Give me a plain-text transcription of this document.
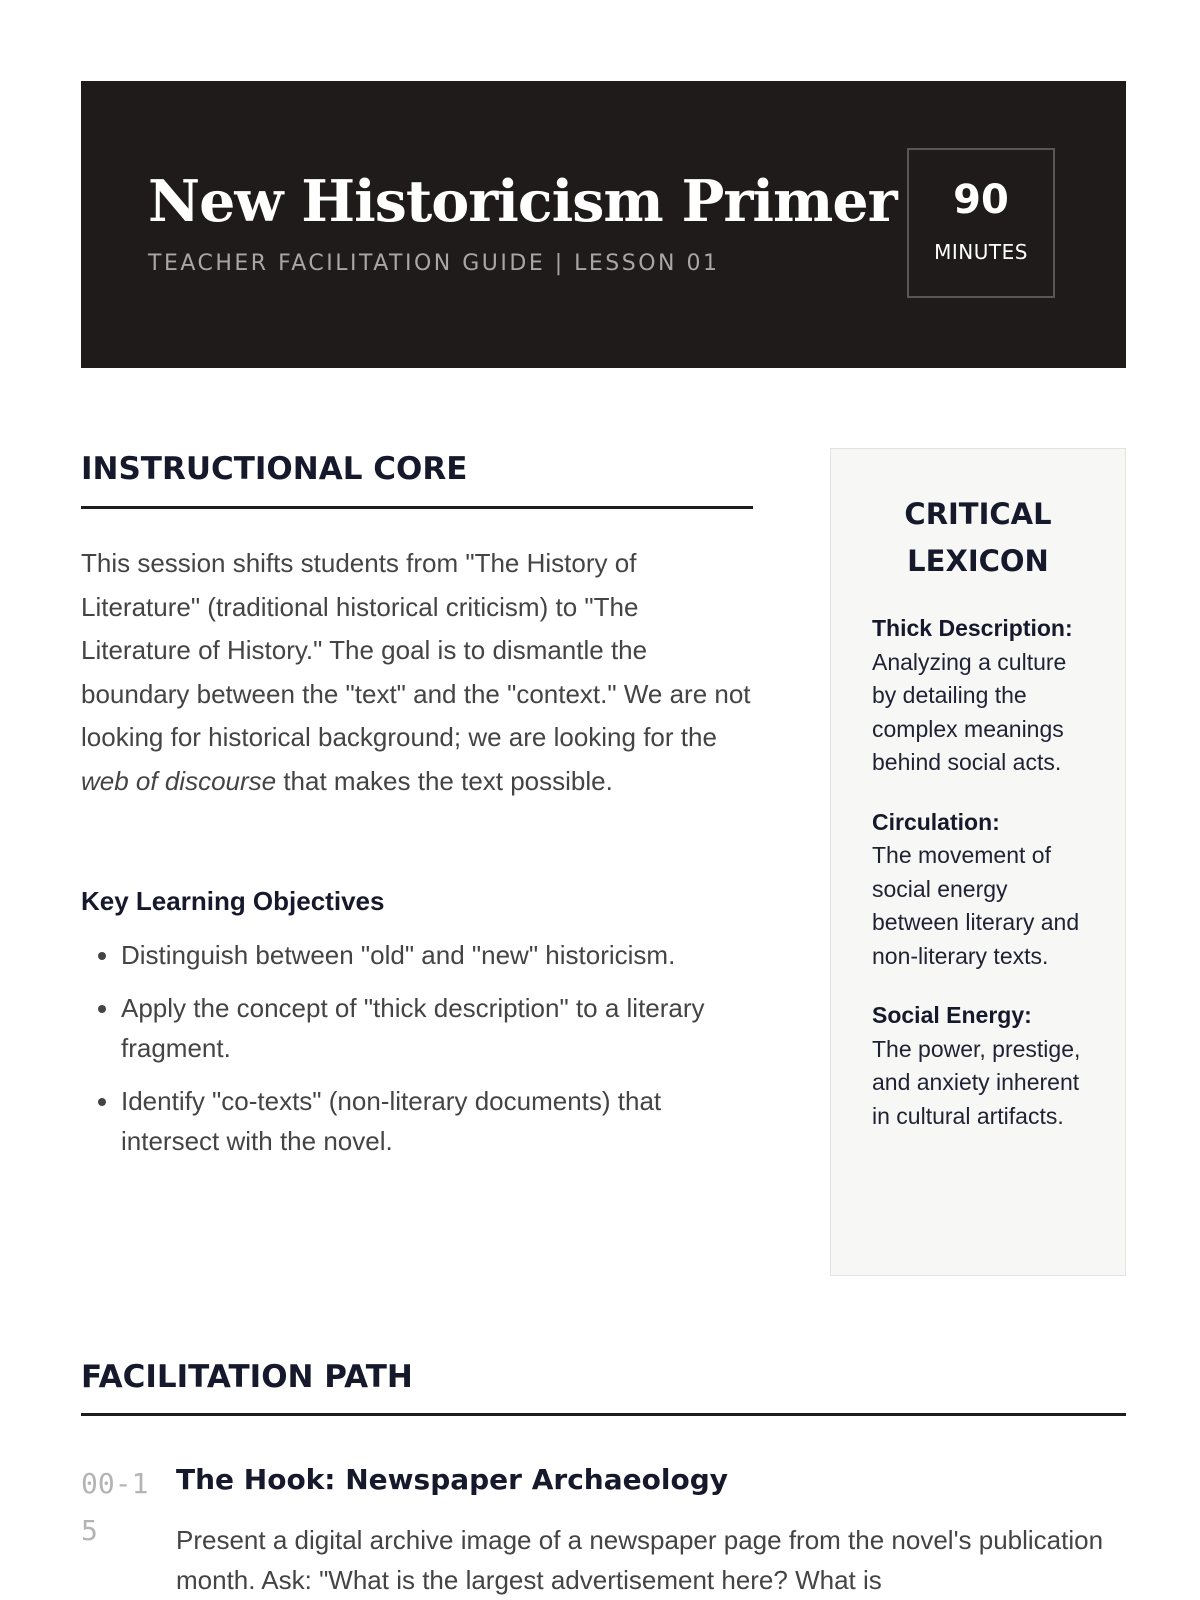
New Historicism Primer
TEACHER FACILITATION GUIDE | LESSON 01
90
MINUTES
INSTRUCTIONAL CORE

This session shifts students from "The History of Literature" (traditional historical criticism) to "The Literature of History." The goal is to dismantle the boundary between the "text" and the "context." We are not looking for historical background; we are looking for the web of discourse that makes the text possible.

Key Learning Objectives
• Distinguish between "old" and "new" historicism.
• Apply the concept of "thick description" to a literary fragment.
• Identify "co-texts" (non-literary documents) that intersect with the novel.
CRITICAL LEXICON

Thick Description:
Analyzing a culture by detailing the complex meanings behind social acts.

Circulation:
The movement of social energy between literary and non-literary texts.

Social Energy:
The power, prestige, and anxiety inherent in cultural artifacts.

FACILITATION PATH
00-15
The Hook: Newspaper Archaeology

Present a digital archive image of a newspaper page from the novel's publication month. Ask: "What is the largest advertisement here? What is
